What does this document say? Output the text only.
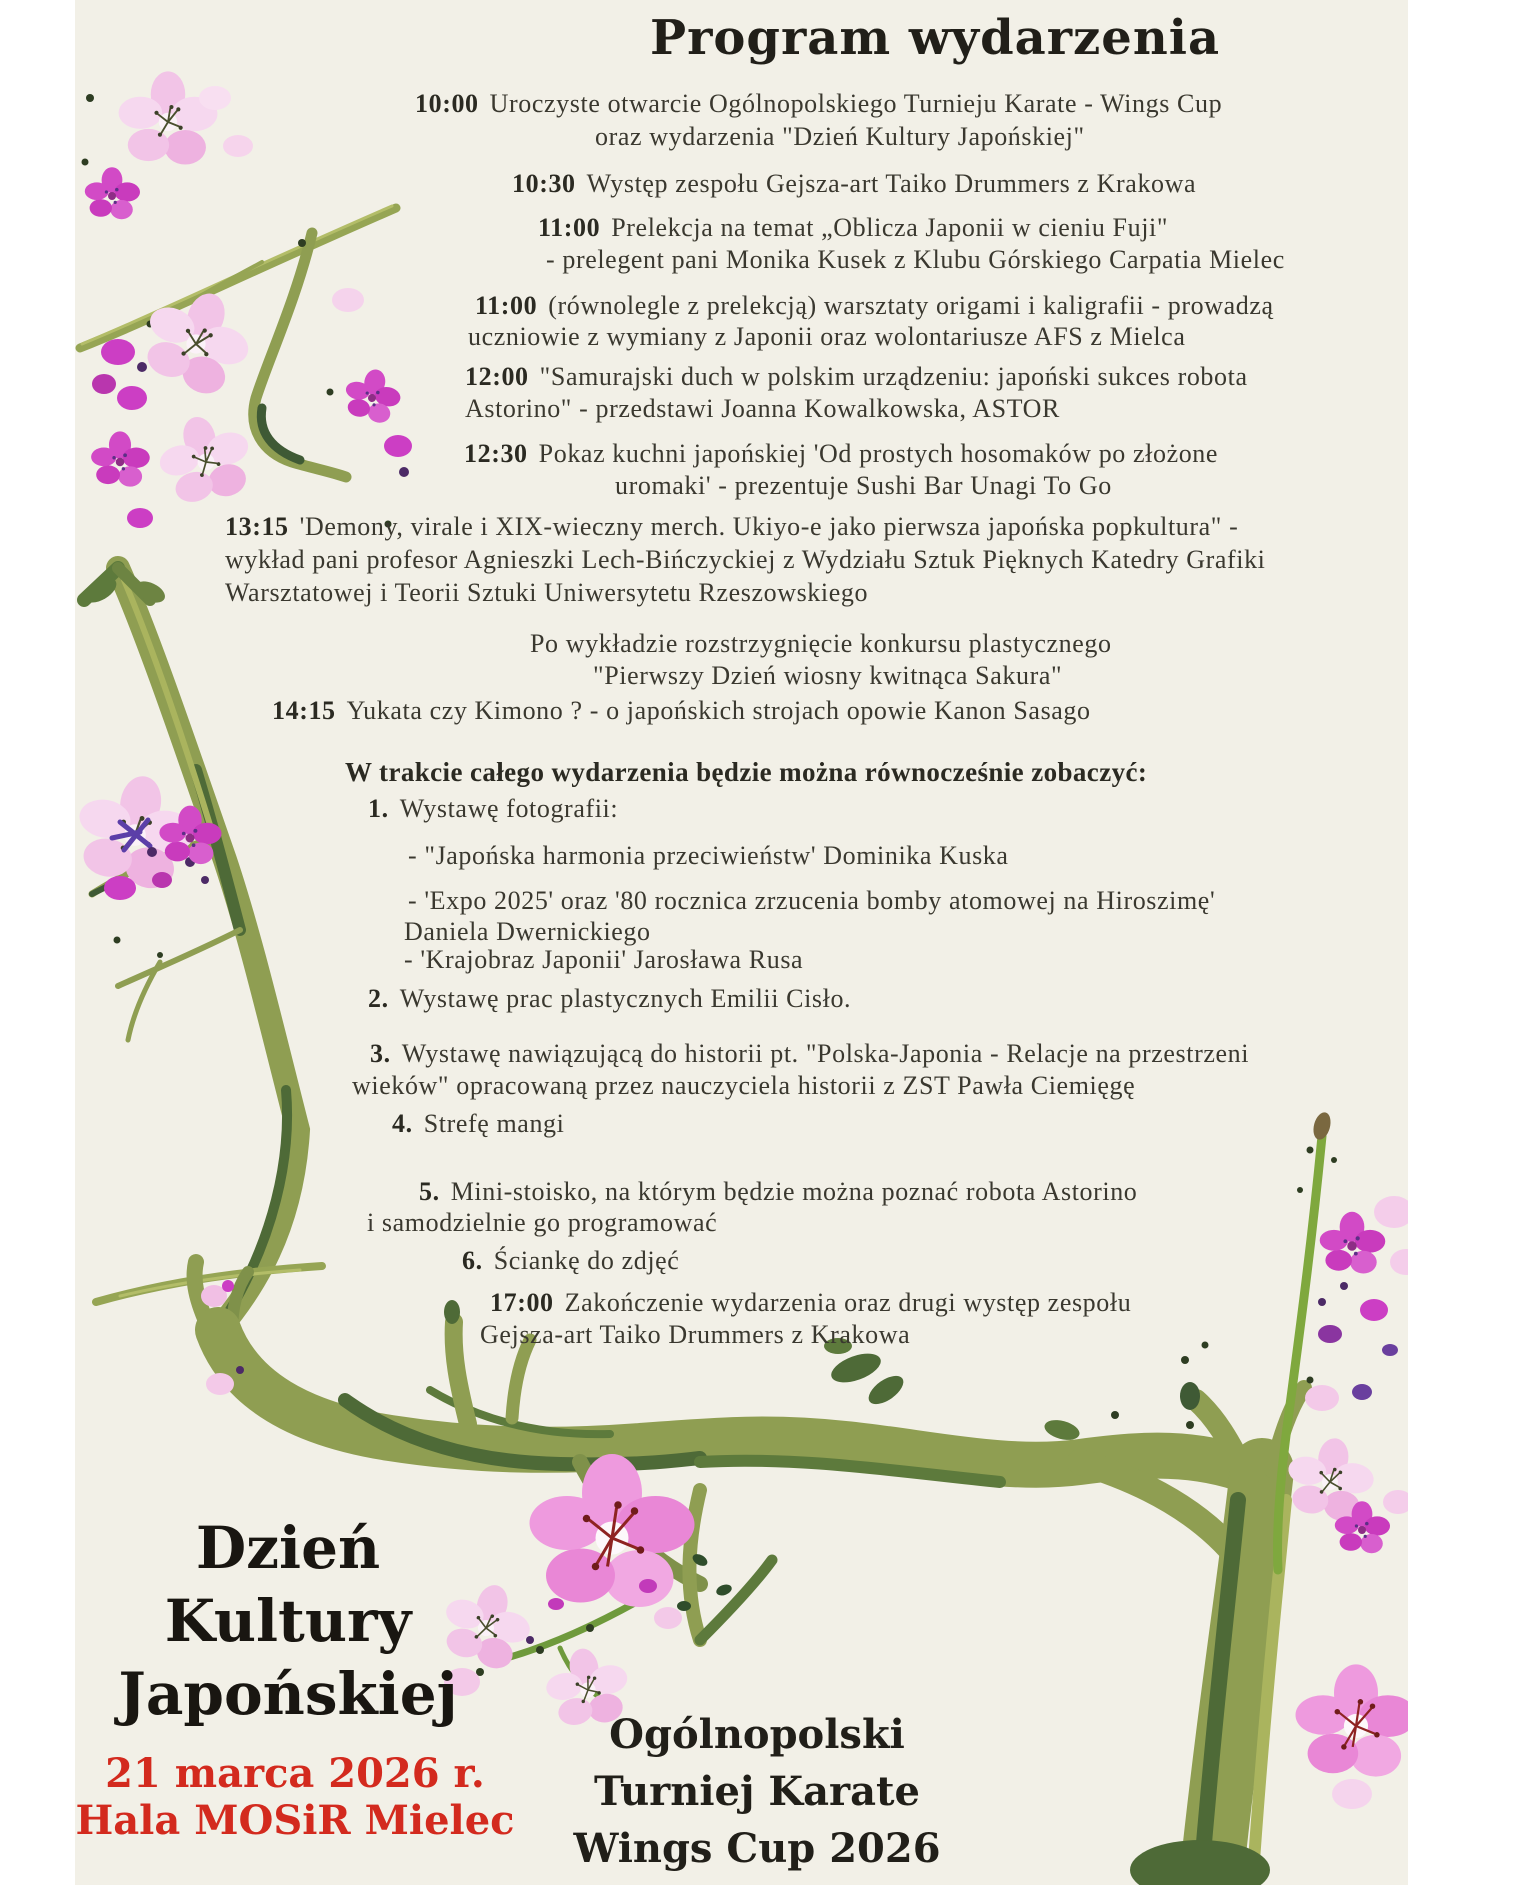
Program wydarzenia
10:00 Uroczyste otwarcie Ogólnopolskiego Turnieju Karate - Wings Cup
oraz wydarzenia "Dzień Kultury Japońskiej"
10:30 Występ zespołu Gejsza-art Taiko Drummers z Krakowa
11:00 Prelekcja na temat „Oblicza Japonii w cieniu Fuji"
- prelegent pani Monika Kusek z Klubu Górskiego Carpatia Mielec
11:00 (równolegle z prelekcją) warsztaty origami i kaligrafii - prowadzą
uczniowie z wymiany z Japonii oraz wolontariusze AFS z Mielca
12:00 "Samurajski duch w polskim urządzeniu: japoński sukces robota
Astorino" - przedstawi Joanna Kowalkowska, ASTOR
12:30 Pokaz kuchni japońskiej 'Od prostych hosomaków po złożone
uromaki' - prezentuje Sushi Bar Unagi To Go
13:15 'Demony, virale i XIX-wieczny merch. Ukiyo-e jako pierwsza japońska popkultura" -
wykład pani profesor Agnieszki Lech-Bińczyckiej z Wydziału Sztuk Pięknych Katedry Grafiki
Warsztatowej i Teorii Sztuki Uniwersytetu Rzeszowskiego
Po wykładzie rozstrzygnięcie konkursu plastycznego
"Pierwszy Dzień wiosny kwitnąca Sakura"
14:15 Yukata czy Kimono ? - o japońskich strojach opowie Kanon Sasago
W trakcie całego wydarzenia będzie można równocześnie zobaczyć:
1. Wystawę fotografii:
- "Japońska harmonia przeciwieństw' Dominika Kuska
- 'Expo 2025' oraz '80 rocznica zrzucenia bomby atomowej na Hiroszimę'
Daniela Dwernickiego
- 'Krajobraz Japonii' Jarosława Rusa
2. Wystawę prac plastycznych Emilii Cisło.
3. Wystawę nawiązującą do historii pt. "Polska-Japonia - Relacje na przestrzeni
wieków" opracowaną przez nauczyciela historii z ZST Pawła Ciemięgę
4. Strefę mangi
5. Mini-stoisko, na którym będzie można poznać robota Astorino
i samodzielnie go programować
6. Ściankę do zdjęć
17:00 Zakończenie wydarzenia oraz drugi występ zespołu
Gejsza-art Taiko Drummers z Krakowa
Dzień
Kultury
Japońskiej
21 marca 2026 r.
Hala MOSiR Mielec
Ogólnopolski
Turniej Karate
Wings Cup 2026
